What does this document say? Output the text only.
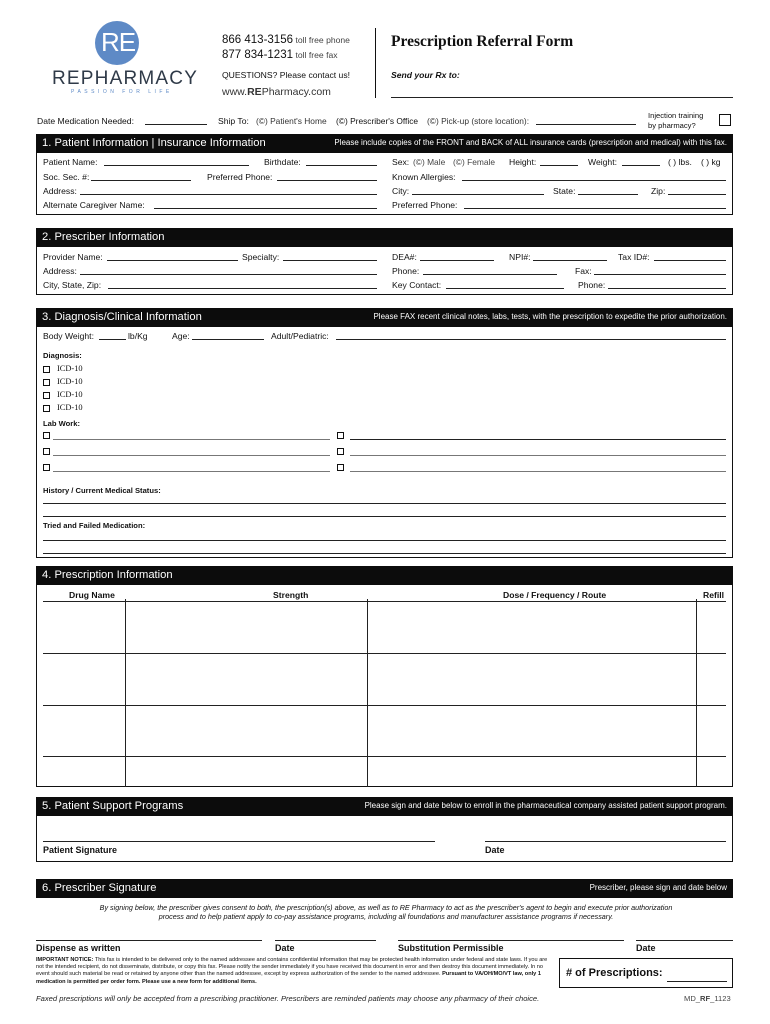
RE
REPHARMACY
PASSION FOR LIFE
866 413-3156 toll free phone
877 834-1231 toll free fax
QUESTIONS? Please contact us!
www.REPharmacy.com
Prescription Referral Form
Send your Rx to:
Date Medication Needed:	Ship To: (©) Patient's Home (©) Prescriber's Office (©) Pick-up (store location):
Injection training
by pharmacy?
1. Patient Information | Insurance Information	Please include copies of the FRONT and BACK of ALL insurance cards (prescription and medical) with this fax.
Patient Name:	Birthdate:	Sex: (©) Male (©) Female Height:	Weight:	( ) lbs. ( ) kg
Soc. Sec. #:	Preferred Phone:	Known Allergies:
Address:	City:	State:	Zip:
Alternate Caregiver Name:	Preferred Phone:
2. Prescriber Information
Provider Name:	Specialty:	DEA#:	NPI#:	Tax ID#:
Address:	Phone:	Fax:
City, State, Zip:	Key Contact:	Phone:
3. Diagnosis/Clinical Information	Please FAX recent clinical notes, labs, tests, with the prescription to expedite the prior authorization.
Body Weight:	lb/Kg	Age:	Adult/Pediatric:
Diagnosis:
ICD-10
ICD-10
ICD-10
ICD-10
Lab Work:
History / Current Medical Status:
Tried and Failed Medication:
4. Prescription Information
Drug Name	Strength	Dose / Frequency / Route	Refill
5. Patient Support Programs	Please sign and date below to enroll in the pharmaceutical company assisted patient support program.
Patient Signature	Date
6. Prescriber Signature	Prescriber, please sign and date below
By signing below, the prescriber gives consent to both, the prescription(s) above, as well as to RE Pharmacy to act as the prescriber's agent to begin and execute prior authorization process and to help patient apply to co-pay assistance programs, including all foundations and manufacturer assistance programs if necessary.
Dispense as written	Date	Substitution Permissible	Date
IMPORTANT NOTICE: This fax is intended to be delivered only to the named addressee and contains confidential information that may be protected health information under federal and state laws. If you are not the intended recipient, do not disseminate, distribute, or copy this fax. Please notify the sender immediately if you have received this document in error and then destroy this document immediately. In no event should such material be read or retained by anyone other than the named addressee, except by express authorization of the sender to the named addressee. Pursuant to VA/OH/MO/VT law, only 1 medication is permitted per order form. Please use a new form for additional items.
# of Prescriptions:
Faxed prescriptions will only be accepted from a prescribing practitioner. Prescribers are reminded patients may choose any pharmacy of their choice.	MD_RF_1123
